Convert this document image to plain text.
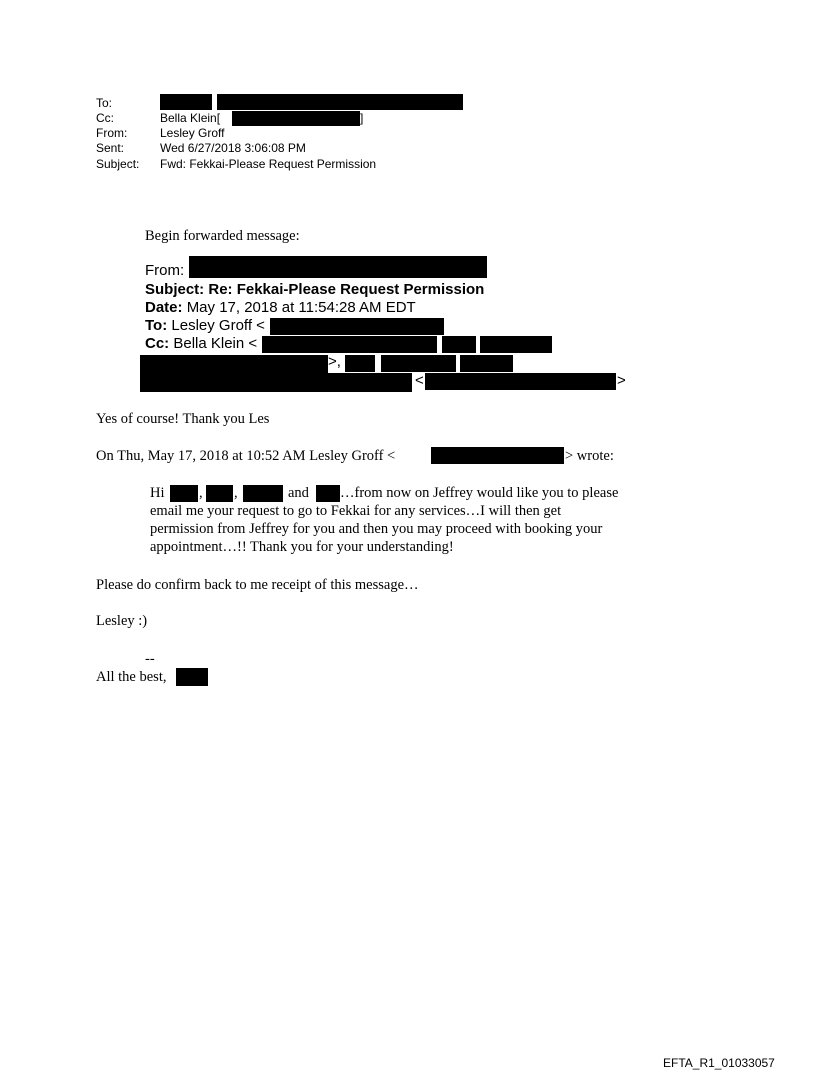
To:
Cc:	Bella Klein[	]
From:	Lesley Groff
Sent:	Wed 6/27/2018 3:06:08 PM
Subject: Fwd: Fekkai-Please Request Permission
Begin forwarded message:
From:
Subject: Re: Fekkai-Please Request Permission
Date: May 17, 2018 at 11:54:28 AM EDT
To: Lesley Groff <
Cc: Bella Klein <
>,
<	>
Yes of course! Thank you Les
On Thu, May 17, 2018 at 10:52 AM Lesley Groff <	> wrote:
Hi , ,	and …from now on Jeffrey would like you to please
email me your request to go to Fekkai for any services…I will then get
permission from Jeffrey for you and then you may proceed with booking your
appointment…!! Thank you for your understanding!
Please do confirm back to me receipt of this message…
Lesley :)
--
All the best,
EFTA_R1_01033057
